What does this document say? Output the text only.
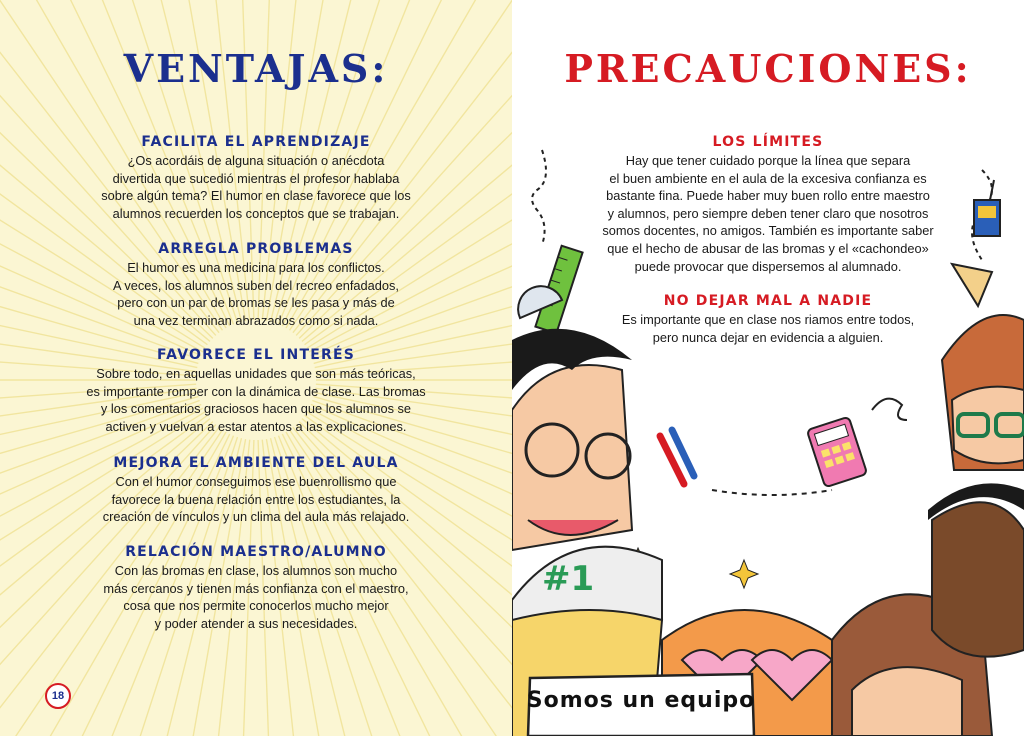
VENTAJAS:
FACILITA EL APRENDIZAJE
¿Os acordáis de alguna situación o anécdota
divertida que sucedió mientras el profesor hablaba
sobre algún tema? El humor en clase favorece que los
alumnos recuerden los conceptos que se trabajan.
ARREGLA PROBLEMAS
El humor es una medicina para los conflictos.
A veces, los alumnos suben del recreo enfadados,
pero con un par de bromas se les pasa y más de
una vez terminan abrazados como si nada.
FAVORECE EL INTERÉS
Sobre todo, en aquellas unidades que son más teóricas,
es importante romper con la dinámica de clase. Las bromas
y los comentarios graciosos hacen que los alumnos se
activen y vuelvan a estar atentos a las explicaciones.
MEJORA EL AMBIENTE DEL AULA
Con el humor conseguimos ese buenrollismo que
favorece la buena relación entre los estudiantes, la
creación de vínculos y un clima del aula más relajado.
RELACIÓN MAESTRO/ALUMNO
Con las bromas en clase, los alumnos son mucho
más cercanos y tienen más confianza con el maestro,
cosa que nos permite conocerlos mucho mejor
y poder atender a sus necesidades.
18
#1
PRECAUCIONES:
LOS LÍMITES
Hay que tener cuidado porque la línea que separa
el buen ambiente en el aula de la excesiva confianza es
bastante fina. Puede haber muy buen rollo entre maestro
y alumnos, pero siempre deben tener claro que nosotros
somos docentes, no amigos. También es importante saber
que el hecho de abusar de las bromas y el «cachondeo»
puede provocar que dispersemos al alumnado.
NO DEJAR MAL A NADIE
Es importante que en clase nos riamos entre todos,
pero nunca dejar en evidencia a alguien.
Somos un equipo
